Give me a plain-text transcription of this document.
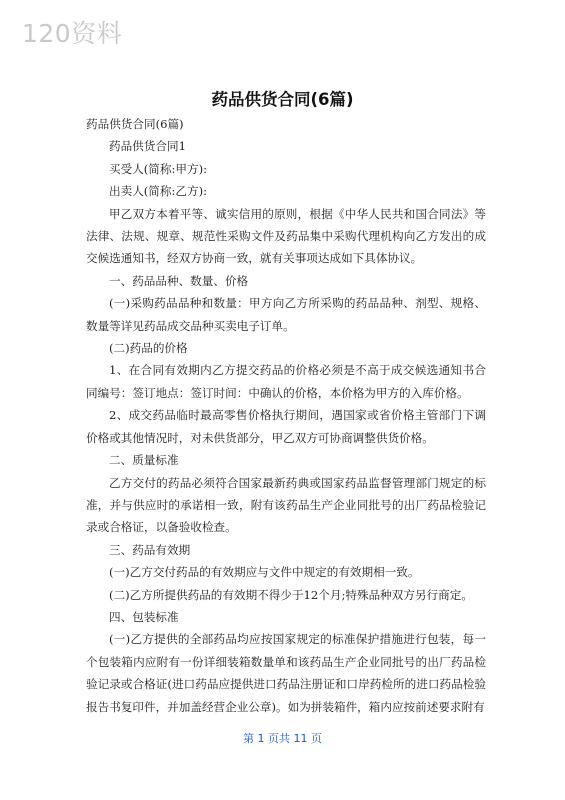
120资料
药品供货合同(6篇)

药品供货合同(6篇)

药品供货合同1

买受人(简称:甲方):

出卖人(简称:乙方):

甲乙双方本着平等、诚实信用的原则，根据《中华人民共和国合同法》等法律、法规、规章、规范性采购文件及药品集中采购代理机构向乙方发出的成交候选通知书，经双方协商一致，就有关事项达成如下具体协议。

一、药品品种、数量、价格

(一)采购药品品种和数量：甲方向乙方所采购的药品品种、剂型、规格、数量等详见药品成交品种买卖电子订单。

(二)药品的价格

1、在合同有效期内乙方提交药品的价格必须是不高于成交候选通知书合同编号：签订地点：签订时间：中确认的价格，本价格为甲方的入库价格。

2、成交药品临时最高零售价格执行期间，遇国家或省价格主管部门下调价格或其他情况时，对未供货部分，甲乙双方可协商调整供货价格。

二、质量标准

乙方交付的药品必须符合国家最新药典或国家药品监督管理部门规定的标准，并与供应时的承诺相一致，附有该药品生产企业同批号的出厂药品检验记录或合格证，以备验收检查。

三、药品有效期

(一)乙方交付药品的有效期应与文件中规定的有效期相一致。

(二)乙方所提供药品的有效期不得少于12个月;特殊品种双方另行商定。

四、包装标准

(一)乙方提供的全部药品均应按国家规定的标准保护措施进行包装，每一个包装箱内应附有一份详细装箱数量单和该药品生产企业同批号的出厂药品检验记录或合格证(进口药品应提供进口药品注册证和口岸药检所的进口药品检验报告书复印件，并加盖经营企业公章)。如为拼装箱件，箱内应按前述要求附有

第 1 页共 11 页
